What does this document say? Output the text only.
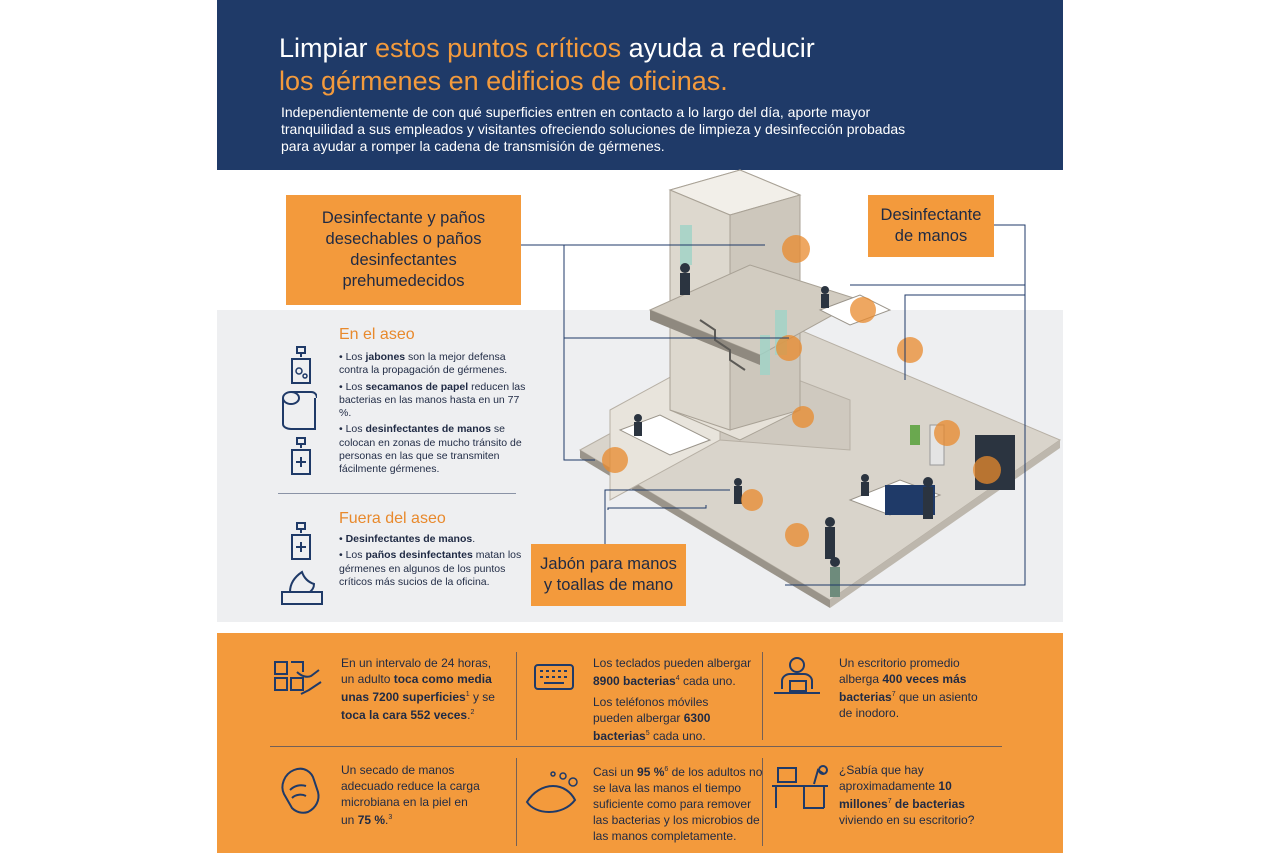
Limpiar estos puntos críticos ayuda a reducir
los gérmenes en edificios de oficinas.

Independientemente de con qué superficies entren en contacto a lo largo del día, aporte mayor tranquilidad a sus empleados y visitantes ofreciendo soluciones de limpieza y desinfección probadas para ayudar a romper la cadena de transmisión de gérmenes.

Desinfectante y paños desechables o paños desinfectantes prehumedecidos
Desinfectante de manos
Jabón para manos y toallas de mano
En el aseo
• Los jabones son la mejor defensa contra la propagación de gérmenes.
• Los secamanos de papel reducen las bacterias en las manos hasta en un 77 %.
• Los desinfectantes de manos se colocan en zonas de mucho tránsito de personas en las que se transmiten fácilmente gérmenes.
Fuera del aseo
• Desinfectantes de manos.
• Los paños desinfectantes matan los gérmenes en algunos de los puntos críticos más sucios de la oficina.
En un intervalo de 24 horas, un adulto toca como media unas 7200 superficies$^1$ y se toca la cara 552 veces.$^2$
Los teclados pueden albergar 8900 bacterias$^4$ cada uno.
Los teléfonos móviles pueden albergar 6300 bacterias$^5$ cada uno.
Un escritorio promedio alberga 400 veces más bacterias$^7$ que un asiento de inodoro.
Un secado de manos adecuado reduce la carga microbiana en la piel en un 75 %.$^3$
Casi un 95 %$^6$ de los adultos no se lava las manos el tiempo suficiente como para remover las bacterias y los microbios de las manos completamente.
¿Sabía que hay aproximadamente 10 millones$^7$ de bacterias viviendo en su escritorio?
